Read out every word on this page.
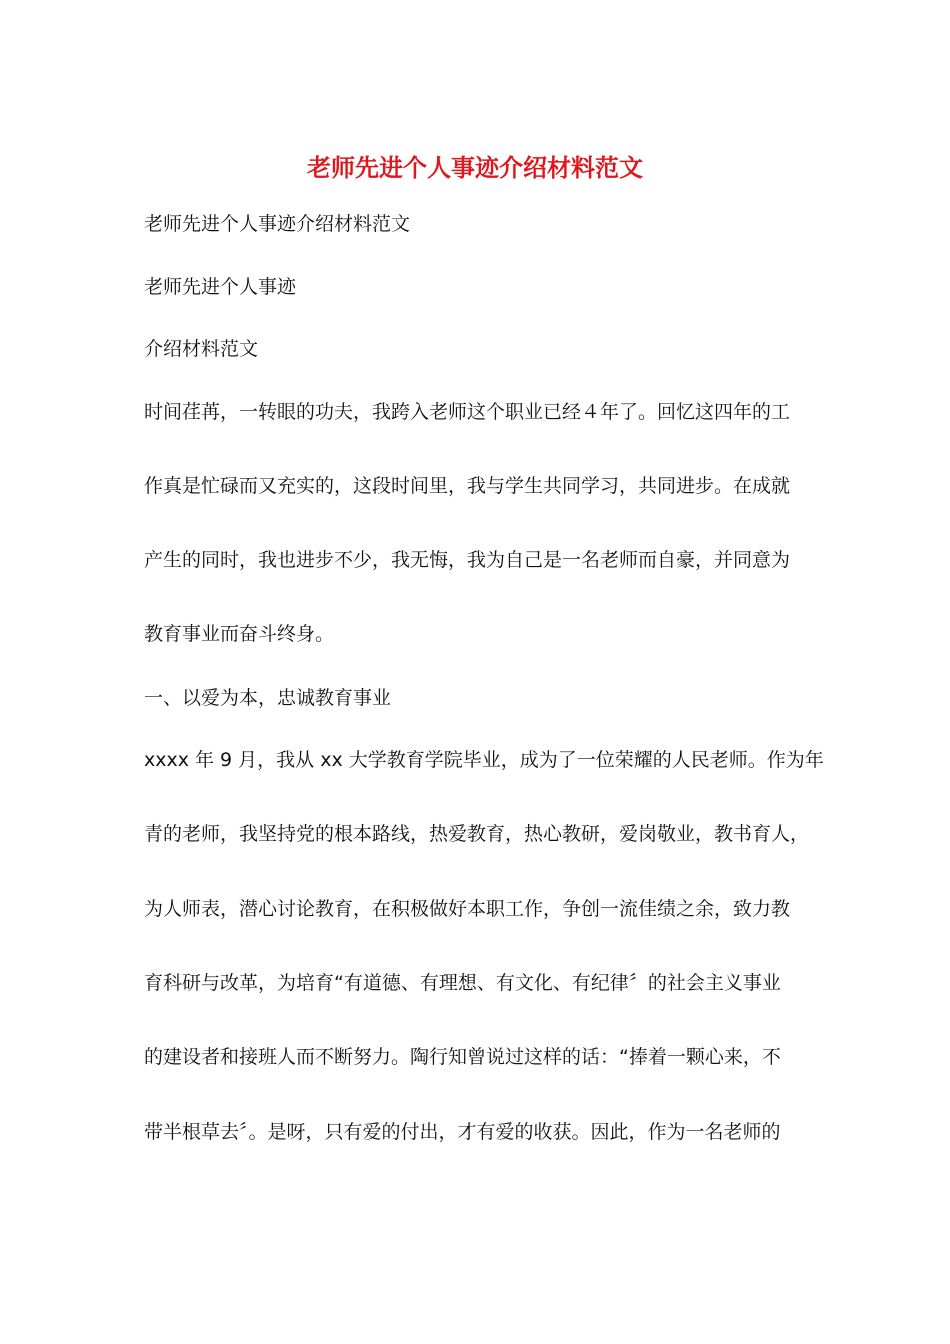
老师先进个人事迹介绍材料范文
老师先进个人事迹介绍材料范文
老师先进个人事迹
介绍材料范文
时间荏苒，一转眼的功夫，我跨入老师这个职业已经４年了。回忆这四年的工
作真是忙碌而又充实的，这段时间里，我与学生共同学习，共同进步。在成就
产生的同时，我也进步不少，我无悔，我为自己是一名老师而自豪，并同意为
教育事业而奋斗终身。
一、以爱为本，忠诚教育事业
xxxx 年 9 月，我从 xx 大学教育学院毕业，成为了一位荣耀的人民老师。作为年
青的老师，我坚持党的根本路线，热爱教育，热心教研，爱岗敬业，教书育人，
为人师表，潜心讨论教育，在积极做好本职工作，争创一流佳绩之余，致力教
育科研与改革，为培育“有道德、有理想、有文化、有纪律〞的社会主义事业
的建设者和接班人而不断努力。陶行知曾说过这样的话：“捧着一颗心来，不
带半根草去〞。是呀，只有爱的付出，才有爱的收获。因此，作为一名老师的
